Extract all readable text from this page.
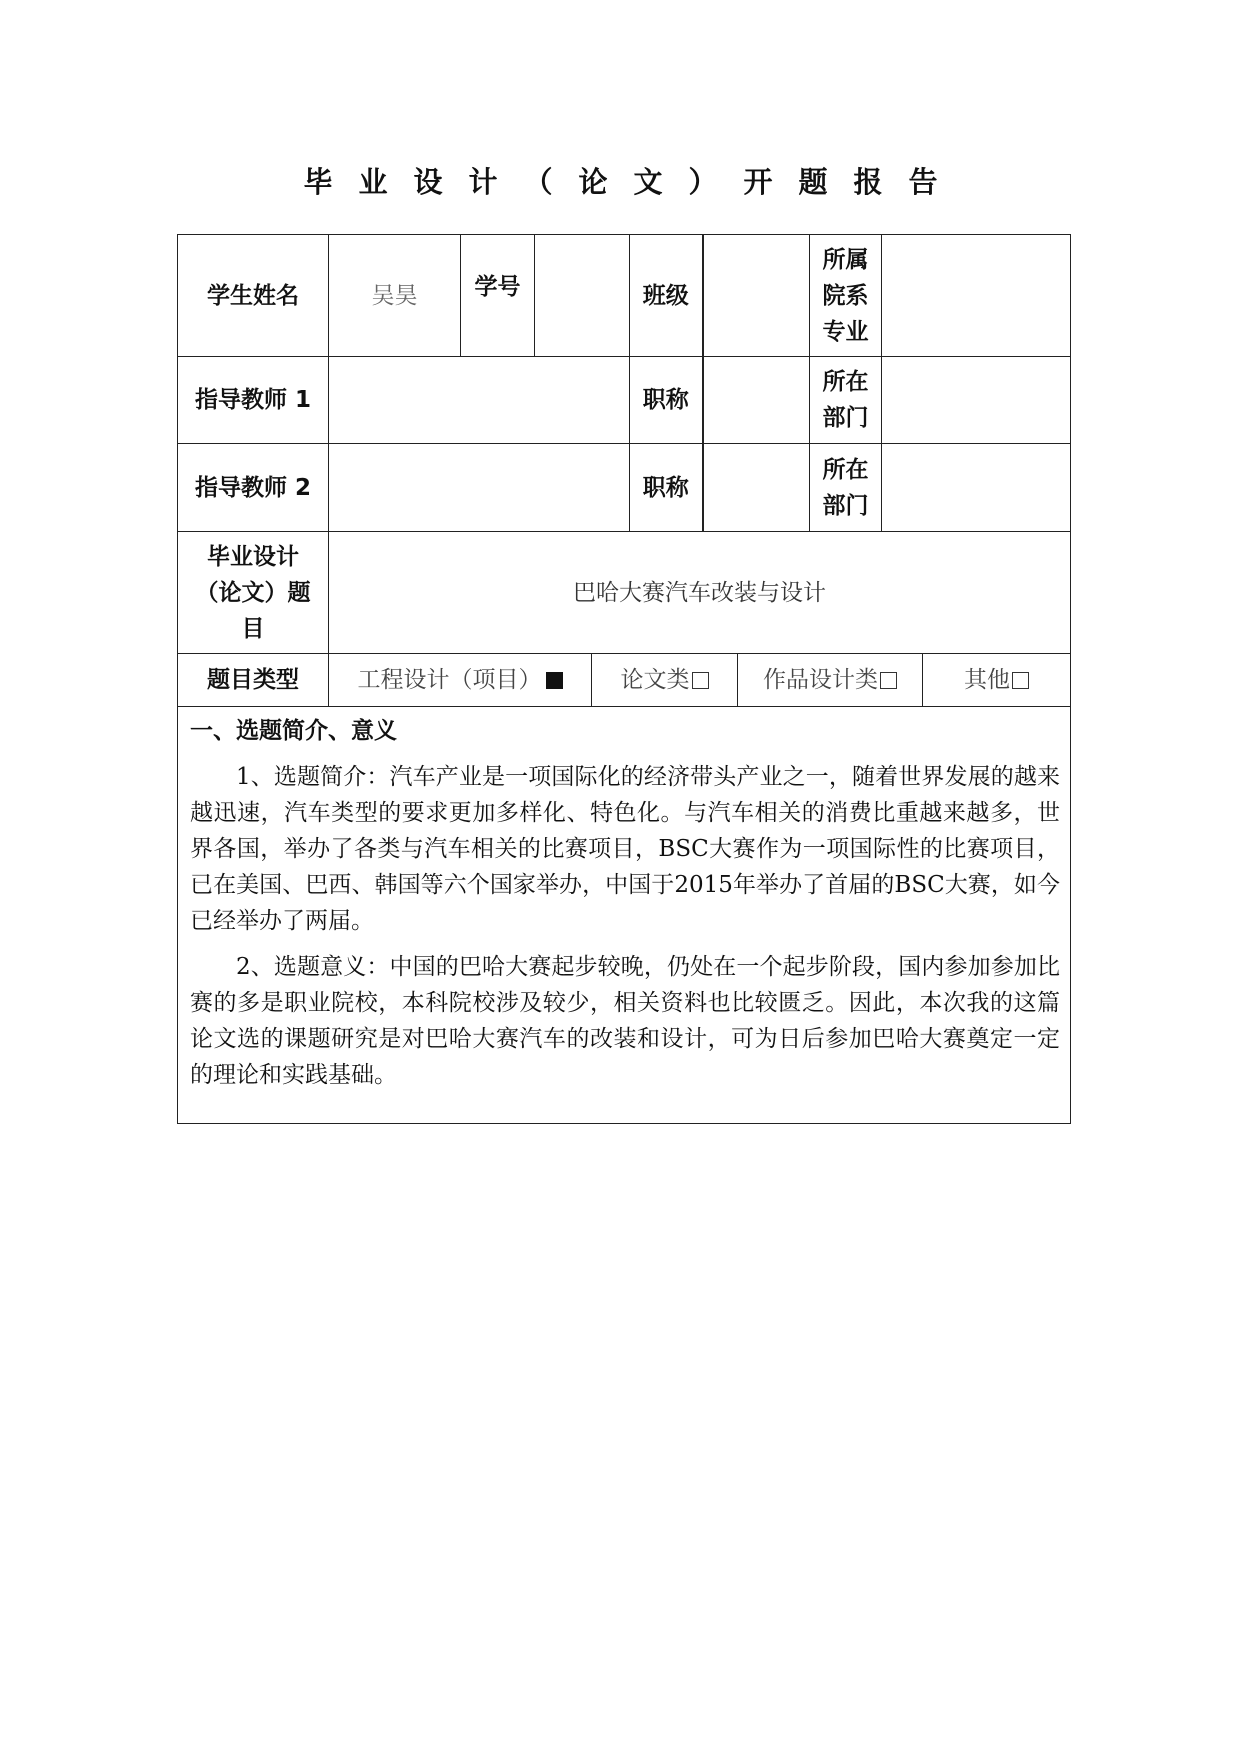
毕业设计（论文）开题报告
学生姓名	吴昊	学号		班级		所属
院系
专业	

指导教师 1				职称		所在
部门	

指导教师 2				职称		所在
部门	

毕业设计
（论文）题
目	巴哈大赛汽车改装与设计						
题目类型	工程设计（项目） 论文类 作品设计类 其他						

一、选题简介、意义

1、选题简介：汽车产业是一项国际化的经济带头产业之一，随着世界发展的越来越迅速，汽车类型的要求更加多样化、特色化。与汽车相关的消费比重越来越多，世界各国，举办了各类与汽车相关的比赛项目，BSC大赛作为一项国际性的比赛项目，已在美国、巴西、韩国等六个国家举办，中国于2015年举办了首届的BSC大赛，如今已经举办了两届。

2、选题意义：中国的巴哈大赛起步较晚，仍处在一个起步阶段，国内参加参加比赛的多是职业院校，本科院校涉及较少，相关资料也比较匮乏。因此，本次我的这篇论文选的课题研究是对巴哈大赛汽车的改装和设计，可为日后参加巴哈大赛奠定一定的理论和实践基础。							
